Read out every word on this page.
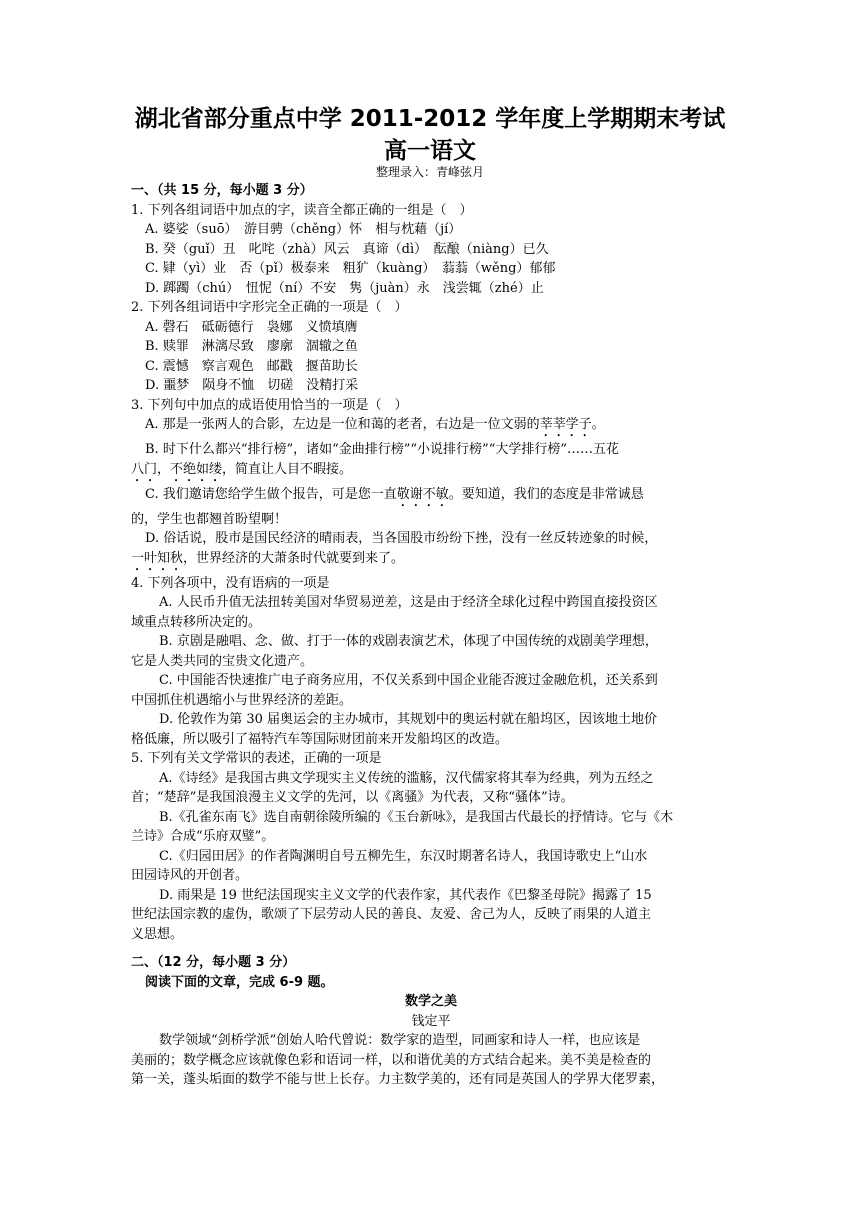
湖北省部分重点中学 2011-2012 学年度上学期期末考试
高一语文
整理录入：青峰弦月
一、（共 15 分，每小题 3 分）
1. 下列各组词语中加点的字，读音全都正确的一组是（　）
A. 婆娑（suō）　游目骋（chěng）怀　相与枕藉（jí）
B. 癸（guǐ）丑　叱咤（zhà）风云　真谛（dì）　酝酿（niàng）已久
C. 肄（yì）业　否（pǐ）极泰来　粗犷（kuàng）　蓊蓊（wěng）郁郁
D. 踯躅（chú）　忸怩（ní）不安　隽（juàn）永　浅尝辄（zhé）止
2. 下列各组词语中字形完全正确的一项是（　）
A. 磬石　砥砺德行　袅娜　义愤填膺
B. 赎罪　淋漓尽致　廖廓　涸辙之鱼
C. 震憾　察言观色　邮戳　揠苗助长
D. 噩梦　陨身不恤　切磋　没精打采
3. 下列句中加点的成语使用恰当的一项是（　）
A. 那是一张两人的合影，左边是一位和蔼的老者，右边是一位文弱的莘莘学子。
B. 时下什么都兴“排行榜”，诸如“金曲排行榜”“小说排行榜”“大学排行榜”……五花
八门，不绝如缕，简直让人目不暇接。
C. 我们邀请您给学生做个报告，可是您一直敬谢不敏。要知道，我们的态度是非常诚恳
的，学生也都翘首盼望啊！
D. 俗话说，股市是国民经济的晴雨表，当各国股市纷纷下挫，没有一丝反转迹象的时候，
一叶知秋，世界经济的大萧条时代就要到来了。
4. 下列各项中，没有语病的一项是
A. 人民币升值无法扭转美国对华贸易逆差，这是由于经济全球化过程中跨国直接投资区
域重点转移所决定的。
B. 京剧是融唱、念、做、打于一体的戏剧表演艺术，体现了中国传统的戏剧美学理想，
它是人类共同的宝贵文化遗产。
C. 中国能否快速推广电子商务应用，不仅关系到中国企业能否渡过金融危机，还关系到
中国抓住机遇缩小与世界经济的差距。
D. 伦敦作为第 30 届奥运会的主办城市，其规划中的奥运村就在船坞区，因该地土地价
格低廉，所以吸引了福特汽车等国际财团前来开发船坞区的改造。
5. 下列有关文学常识的表述，正确的一项是
A.《诗经》是我国古典文学现实主义传统的滥觞，汉代儒家将其奉为经典，列为五经之
首；“楚辞”是我国浪漫主义文学的先河，以《离骚》为代表，又称“骚体”诗。
B.《孔雀东南飞》选自南朝徐陵所编的《玉台新咏》，是我国古代最长的抒情诗。它与《木
兰诗》合成“乐府双璧”。
C.《归园田居》的作者陶渊明自号五柳先生，东汉时期著名诗人，我国诗歌史上“山水
田园诗风的开创者。
D. 雨果是 19 世纪法国现实主义文学的代表作家，其代表作《巴黎圣母院》揭露了 15
世纪法国宗教的虚伪，歌颂了下层劳动人民的善良、友爱、舍己为人，反映了雨果的人道主
义思想。
二、（12 分，每小题 3 分）
阅读下面的文章，完成 6-9 题。
数学之美
钱定平
数学领域“剑桥学派”创始人哈代曾说：数学家的造型，同画家和诗人一样，也应该是
美丽的；数学概念应该就像色彩和语词一样，以和谐优美的方式结合起来。美不美是检查的
第一关，蓬头垢面的数学不能与世上长存。力主数学美的，还有同是英国人的学界大佬罗素，
